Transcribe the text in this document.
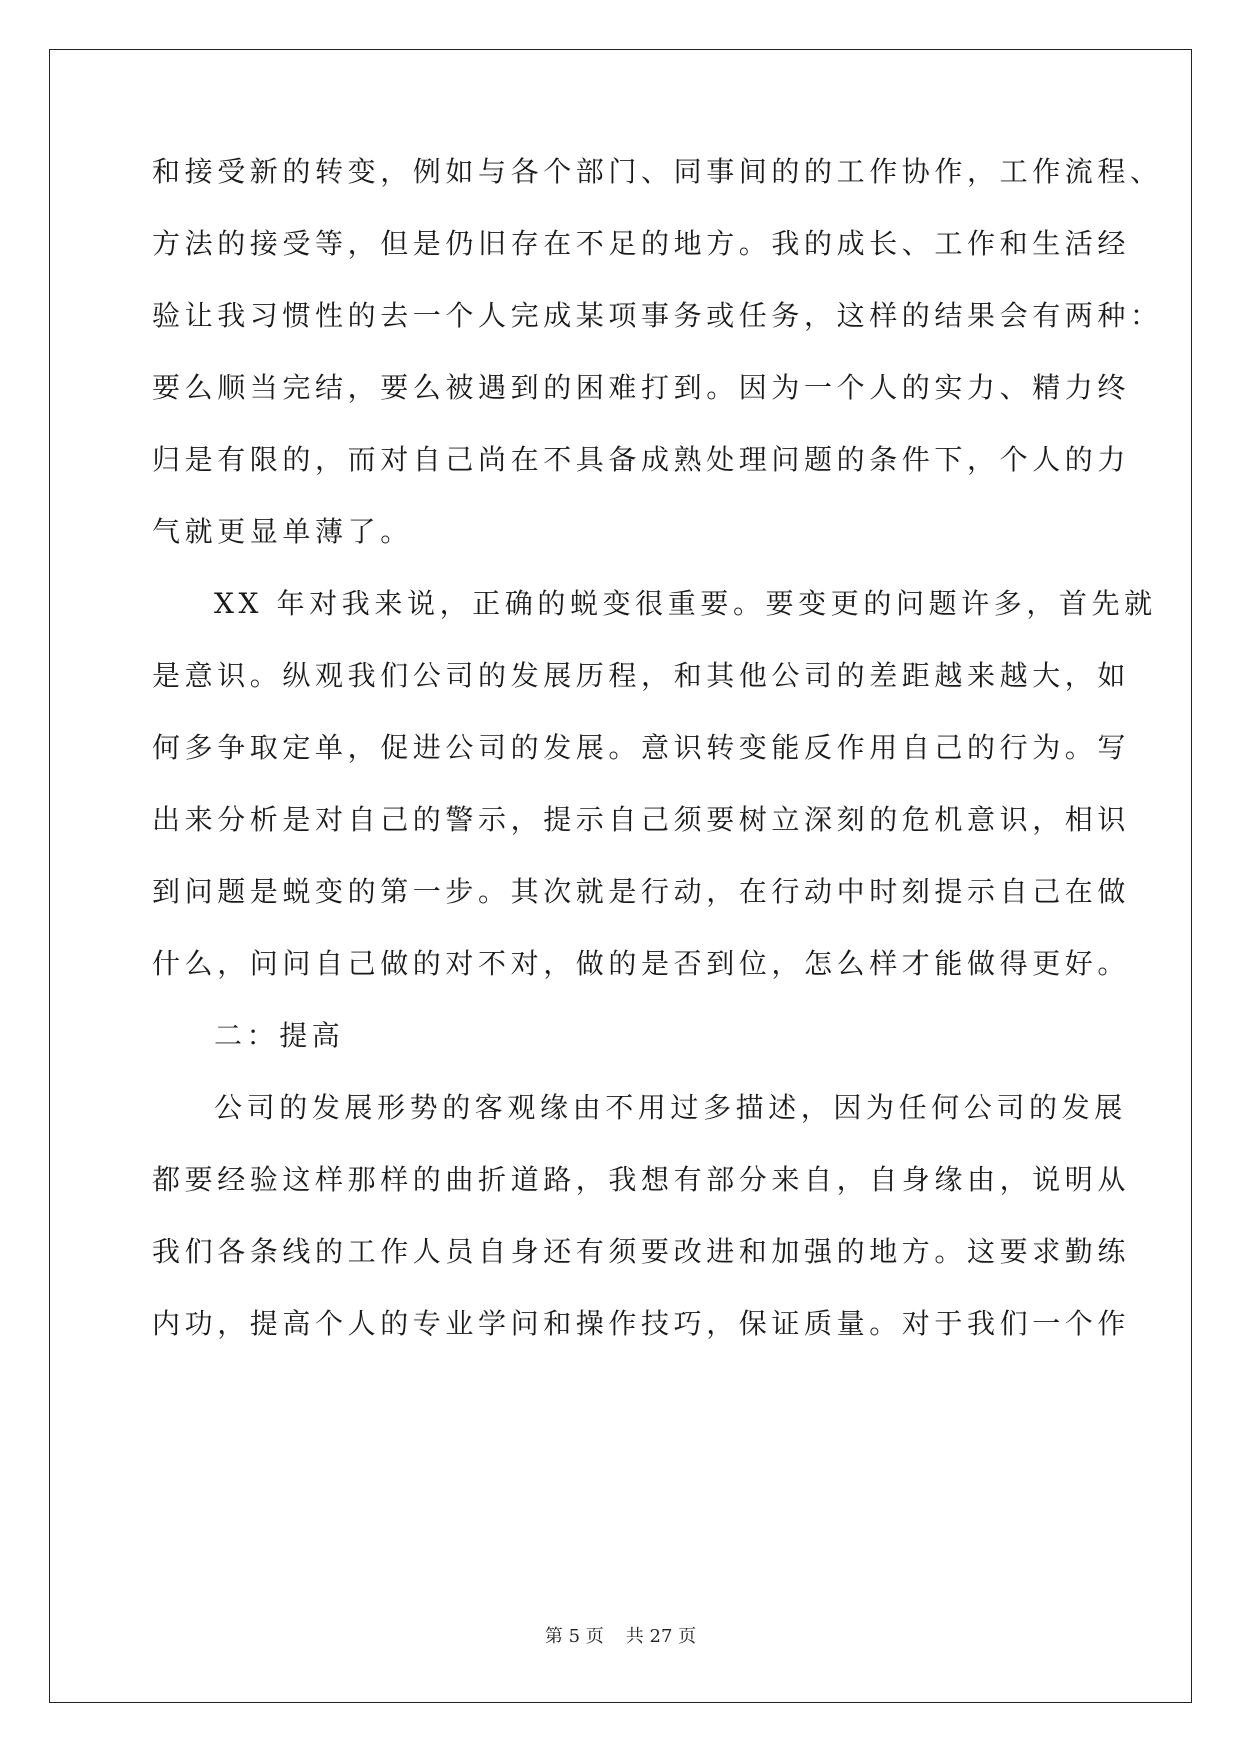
和接受新的转变，例如与各个部门、同事间的的工作协作，工作流程、
方法的接受等，但是仍旧存在不足的地方。我的成长、工作和生活经
验让我习惯性的去一个人完成某项事务或任务，这样的结果会有两种：
要么顺当完结，要么被遇到的困难打到。因为一个人的实力、精力终
归是有限的，而对自己尚在不具备成熟处理问题的条件下，个人的力
气就更显单薄了。
XX 年对我来说，正确的蜕变很重要。要变更的问题许多，首先就
是意识。纵观我们公司的发展历程，和其他公司的差距越来越大，如
何多争取定单，促进公司的发展。意识转变能反作用自己的行为。写
出来分析是对自己的警示，提示自己须要树立深刻的危机意识，相识
到问题是蜕变的第一步。其次就是行动，在行动中时刻提示自己在做
什么，问问自己做的对不对，做的是否到位，怎么样才能做得更好。
二：提高
公司的发展形势的客观缘由不用过多描述，因为任何公司的发展
都要经验这样那样的曲折道路，我想有部分来自，自身缘由，说明从
我们各条线的工作人员自身还有须要改进和加强的地方。这要求勤练
内功，提高个人的专业学问和操作技巧，保证质量。对于我们一个作
第 5 页 共 27 页
